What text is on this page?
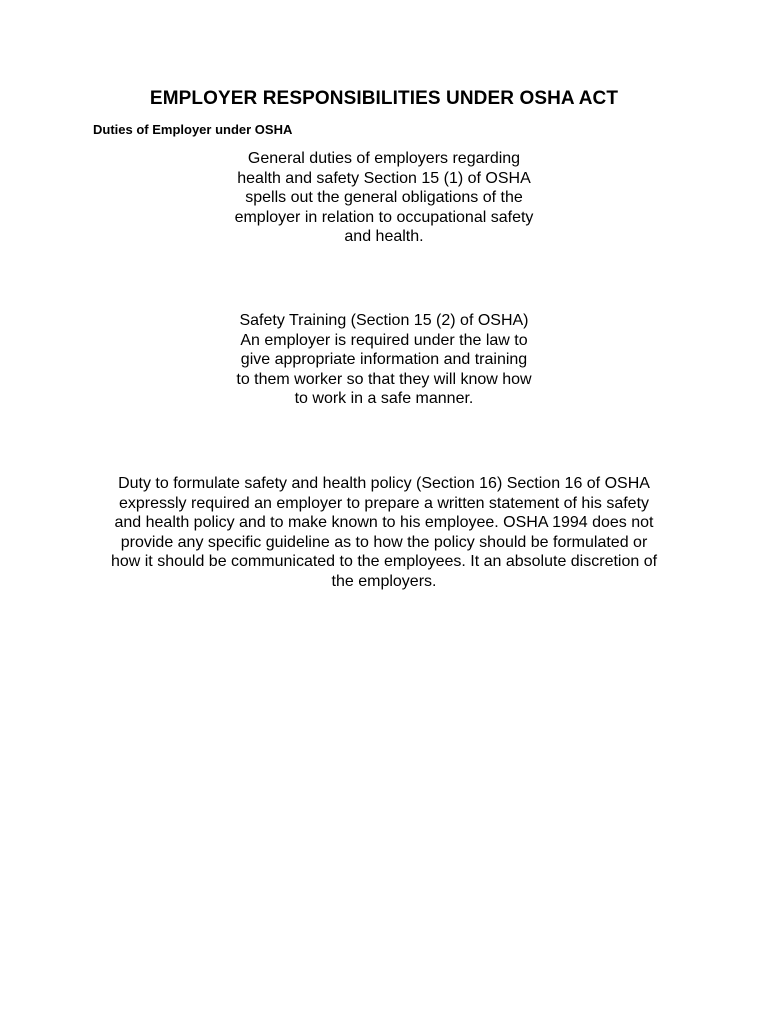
EMPLOYER RESPONSIBILITIES UNDER OSHA ACT
Duties of Employer under OSHA

General duties of employers regarding health and safety Section 15 (1) of OSHA spells out the general obligations of the employer in relation to occupational safety and health.

Safety Training (Section 15 (2) of OSHA) An employer is required under the law to give appropriate information and training to them worker so that they will know how to work in a safe manner.

Duty to formulate safety and health policy (Section 16) Section 16 of OSHA expressly required an employer to prepare a written statement of his safety and health policy and to make known to his employee. OSHA 1994 does not provide any specific guideline as to how the policy should be formulated or how it should be communicated to the employees. It an absolute discretion of the employers.
